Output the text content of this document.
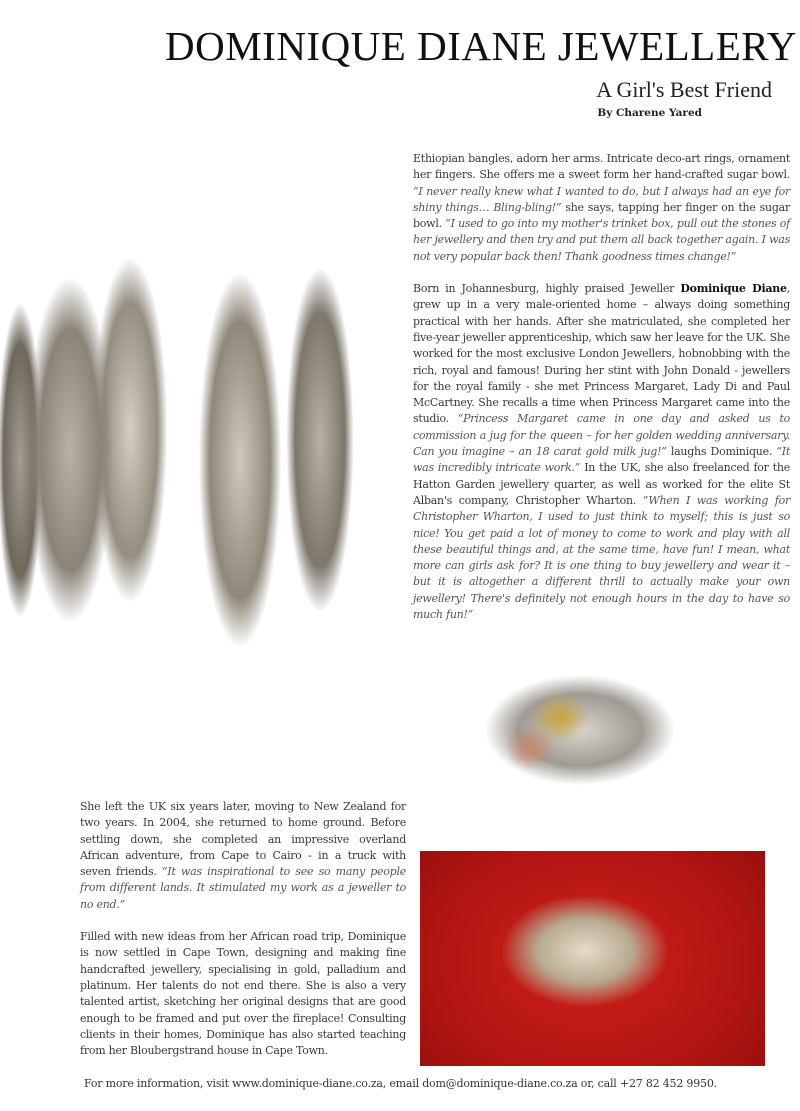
DOMINIQUE DIANE JEWELLERY
A Girl's Best Friend
By Charene Yared

Ethiopian bangles, adorn her arms. Intricate deco-art rings, ornament her fingers. She offers me a sweet form her hand-crafted sugar bowl. “I never really knew what I wanted to do, but I always had an eye for shiny things… Bling-bling!” she says, tapping her finger on the sugar bowl. “I used to go into my mother's trinket box, pull out the stones of her jewellery and then try and put them all back together again. I was not very popular back then! Thank goodness times change!”

Born in Johannesburg, highly praised Jeweller Dominique Diane, grew up in a very male-oriented home – always doing something practical with her hands. After she matriculated, she completed her five-year jeweller apprenticeship, which saw her leave for the UK. She worked for the most exclusive London Jewellers, hobnobbing with the rich, royal and famous! During her stint with John Donald - jewellers for the royal family - she met Princess Margaret, Lady Di and Paul McCartney. She recalls a time when Princess Margaret came into the studio. “Princess Margaret came in one day and asked us to commission a jug for the queen – for her golden wedding anniversary. Can you imagine – an 18 carat gold milk jug!” laughs Dominique. “It was incredibly intricate work.” In the UK, she also freelanced for the Hatton Garden jewellery quarter, as well as worked for the elite St Alban's company, Christopher Wharton. “When I was working for Christopher Wharton, I used to just think to myself; this is just so nice! You get paid a lot of money to come to work and play with all these beautiful things and, at the same time, have fun! I mean, what more can girls ask for? It is one thing to buy jewellery and wear it – but it is altogether a different thrill to actually make your own jewellery! There's definitely not enough hours in the day to have so much fun!”

She left the UK six years later, moving to New Zealand for two years. In 2004, she returned to home ground. Before settling down, she completed an impressive overland African adventure, from Cape to Cairo - in a truck with seven friends. “It was inspirational to see so many people from different lands. It stimulated my work as a jeweller to no end.”

Filled with new ideas from her African road trip, Dominique is now settled in Cape Town, designing and making fine handcrafted jewellery, specialising in gold, palladium and platinum. Her talents do not end there. She is also a very talented artist, sketching her original designs that are good enough to be framed and put over the fireplace! Consulting clients in their homes, Dominique has also started teaching from her Bloubergstrand house in Cape Town.

For more information, visit www.dominique-diane.co.za, email dom@dominique-diane.co.za or, call +27 82 452 9950.
